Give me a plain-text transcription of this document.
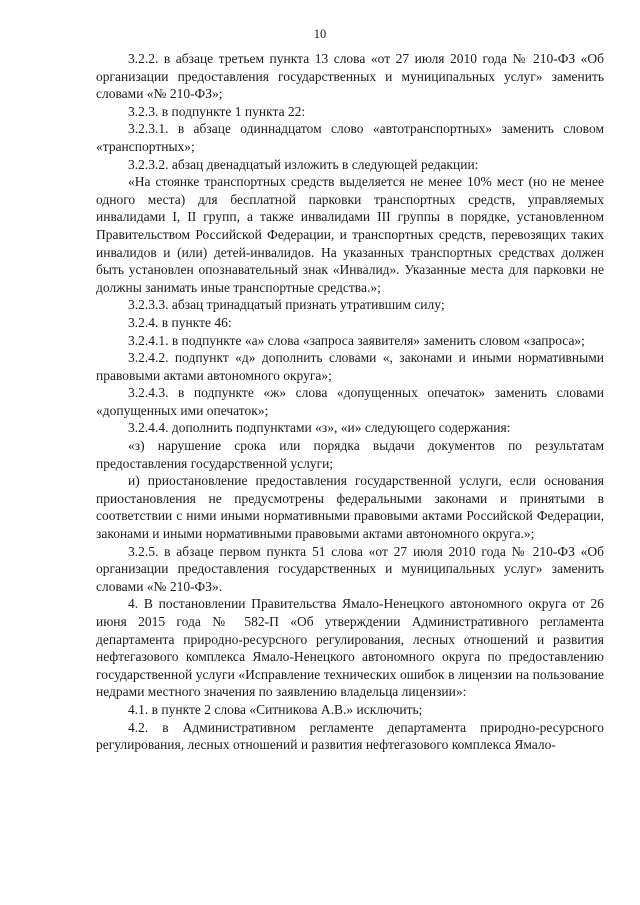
10

3.2.2. в абзаце третьем пункта 13 слова «от 27 июля 2010 года № 210-ФЗ «Об организации предоставления государственных и муниципальных услуг» заменить словами «№ 210-ФЗ»;

3.2.3. в подпункте 1 пункта 22:

3.2.3.1. в абзаце одиннадцатом слово «автотранспортных» заменить словом «транспортных»;

3.2.3.2. абзац двенадцатый изложить в следующей редакции:

«На стоянке транспортных средств выделяется не менее 10% мест (но не менее одного места) для бесплатной парковки транспортных средств, управляемых инвалидами I, II групп, а также инвалидами III группы в порядке, установленном Правительством Российской Федерации, и транспортных средств, перевозящих таких инвалидов и (или) детей-инвалидов. На указанных транспортных средствах должен быть установлен опознавательный знак «Инвалид». Указанные места для парковки не должны занимать иные транспортные средства.»;

3.2.3.3. абзац тринадцатый признать утратившим силу;

3.2.4. в пункте 46:

3.2.4.1. в подпункте «а» слова «запроса заявителя» заменить словом «запроса»;

3.2.4.2. подпункт «д» дополнить словами «, законами и иными нормативными правовыми актами автономного округа»;

3.2.4.3. в подпункте «ж» слова «допущенных опечаток» заменить словами «допущенных ими опечаток»;

3.2.4.4. дополнить подпунктами «з», «и» следующего содержания:

«з) нарушение срока или порядка выдачи документов по результатам предоставления государственной услуги;

и) приостановление предоставления государственной услуги, если основания приостановления не предусмотрены федеральными законами и принятыми в соответствии с ними иными нормативными правовыми актами Российской Федерации, законами и иными нормативными правовыми актами автономного округа.»;

3.2.5. в абзаце первом пункта 51 слова «от 27 июля 2010 года № 210-ФЗ «Об организации предоставления государственных и муниципальных услуг» заменить словами «№ 210-ФЗ».

4. В постановлении Правительства Ямало-Ненецкого автономного округа от 26 июня 2015 года № 582-П «Об утверждении Административного регламента департамента природно-ресурсного регулирования, лесных отношений и развития нефтегазового комплекса Ямало-Ненецкого автономного округа по предоставлению государственной услуги «Исправление технических ошибок в лицензии на пользование недрами местного значения по заявлению владельца лицензии»:

4.1. в пункте 2 слова «Ситникова А.В.» исключить;

4.2. в Административном регламенте департамента природно-ресурсного регулирования, лесных отношений и развития нефтегазового комплекса Ямало-
